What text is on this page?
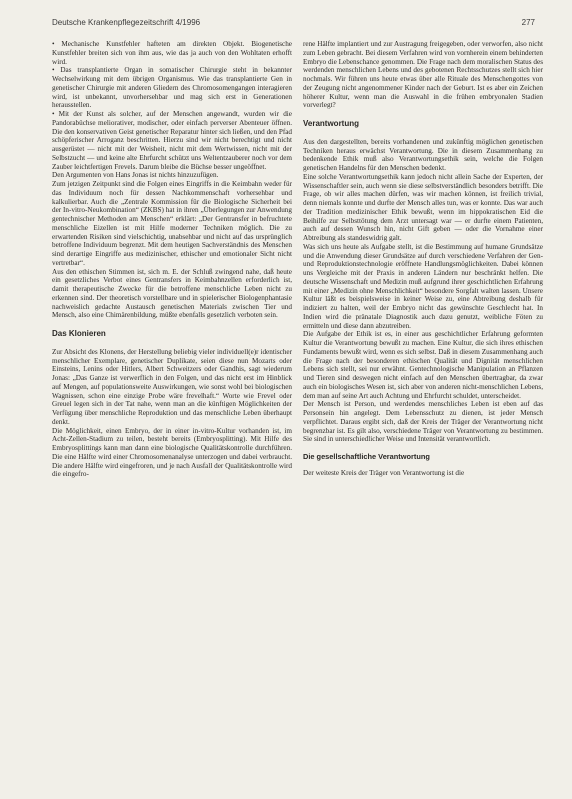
Deutsche Krankenpflegezeitschrift 4/1996	277

• Mechanische Kunstfehler hafteten am direkten Objekt. Biogenetische Kunstfehler breiten sich von ihm aus, wie das ja auch von den Wohltaten erhofft wird.

• Das transplantierte Organ in somatischer Chirurgie steht in bekannter Wechselwirkung mit dem übrigen Organismus. Wie das transplantierte Gen in genetischer Chirurgie mit anderen Gliedern des Chromosomengangen interagieren wird, ist unbekannt, unvorhersehbar und mag sich erst in Generationen herausstellen.

• Mit der Kunst als solcher, auf der Menschen angewandt, wurden wir die Pandorabüchse meliorativer, modischer, oder einfach perverser Abenteuer öffnen. Die den konservativen Geist genetischer Reparatur hinter sich ließen, und den Pfad schöpferischer Arroganz beschritten. Hierzu sind wir nicht berechtigt und nicht ausgerüstet — nicht mit der Weisheit, nicht mit dem Wertwissen, nicht mit der Selbstzucht — und keine alte Ehrfurcht schützt uns Weltentzauberer noch vor dem Zauber leichtfertigen Frevels. Darum bleibe die Büchse besser ungeöffnet.

Den Argumenten von Hans Jonas ist nichts hinzuzufügen.

Zum jetzigen Zeitpunkt sind die Folgen eines Eingriffs in die Keimbahn weder für das Individuum noch für dessen Nachkommenschaft vorhersehbar und kalkulierbar. Auch die „Zentrale Kommission für die Biologische Sicherheit bei der In-vitro-Neukombination“ (ZKBS) hat in ihren „Überlegungen zur Anwendung gentechnischer Methoden am Menschen“ erklärt: „Der Gentransfer in befruchtete menschliche Eizellen ist mit Hilfe moderner Techniken möglich. Die zu erwartenden Risiken sind vielschichtig, unabsehbar und nicht auf das ursprünglich betroffene Individuum begrenzt. Mit dem heutigen Sachverständnis des Menschen sind derartige Eingriffe aus medizinischer, ethischer und emotionaler Sicht nicht vertretbar“.

Aus den ethischen Stimmen ist, sich m. E. der Schluß zwingend nahe, daß heute ein gesetzliches Verbot eines Gentransfers in Keimbahnzellen erforderlich ist, damit therapeutische Zwecke für die betroffene menschliche Leben nicht zu erkennen sind. Der theoretisch vorstellbare und in spielerischer Biologenphantasie nachweislich gedachte Austausch genetischen Materials zwischen Tier und Mensch, also eine Chimärenbildung, müßte ebenfalls gesetzlich verboten sein.

Das Klonieren

Zur Absicht des Klonens, der Herstellung beliebig vieler individuell(e)r identischer menschlicher Exemplare, genetischer Duplikate, seien diese nun Mozarts oder Einsteins, Lenins oder Hitlers, Albert Schweitzers oder Gandhis, sagt wiederum Jonas: „Das Ganze ist verwerflich in den Folgen, und das nicht erst im Hinblick auf Mengen, auf populationsweite Auswirkungen, wie sonst wohl bei biologischen Wagnissen, schon eine einzige Probe wäre frevelhaft.“ Worte wie Frevel oder Greuel legen sich in der Tat nahe, wenn man an die künftigen Möglichkeiten der Verfügung über menschliche Reproduktion und das menschliche Leben überhaupt denkt.

Die Möglichkeit, einen Embryo, der in einer in-vitro-Kultur vorhanden ist, im Acht-Zellen-Stadium zu teilen, besteht bereits (Embryosplitting). Mit Hilfe des Embryosplittings kann man dann eine biologische Qualitätskontrolle durchführen. Die eine Hälfte wird einer Chromosomenanalyse unterzogen und dabei verbraucht. Die andere Hälfte wird eingefroren, und je nach Ausfall der Qualitätskontrolle wird die eingefro-

rene Hälfte implantiert und zur Austragung freigegeben, oder verworfen, also nicht zum Leben gebracht. Bei diesem Verfahren wird von vornherein einem behinderten Embryo die Lebenschance genommen. Die Frage nach dem moralischen Status des werdenden menschlichen Lebens und des gebotenen Rechtsschutzes stellt sich hier nochmals. Wir führen uns heute etwas über alle Rituale des Menschengottes von der Zeugung nicht angenommener Kinder nach der Geburt. Ist es aber ein Zeichen höherer Kultur, wenn man die Auswahl in die frühen embryonalen Stadien vorverlegt?

Verantwortung

Aus den dargestellten, bereits vorhandenen und zukünftig möglichen genetischen Techniken heraus erwächst Verantwortung. Die in diesem Zusammenhang zu bedenkende Ethik muß also Verantwortungsethik sein, welche die Folgen genetischen Handelns für den Menschen bedenkt.

Eine solche Verantwortungsethik kann jedoch nicht allein Sache der Experten, der Wissenschaftler sein, auch wenn sie diese selbstverständlich besonders betrifft. Die Frage, ob wir alles machen dürfen, was wir machen können, ist freilich trivial, denn niemals konnte und durfte der Mensch alles tun, was er konnte. Das war auch der Tradition medizinischer Ethik bewußt, wenn im hippokratischen Eid die Beihilfe zur Selbsttötung dem Arzt untersagt war — er durfte einem Patienten, auch auf dessen Wunsch hin, nicht Gift geben — oder die Vornahme einer Abtreibung als standeswidrig galt.

Was sich uns heute als Aufgabe stellt, ist die Bestimmung auf humane Grundsätze und die Anwendung dieser Grundsätze auf durch verschiedene Verfahren der Gen- und Reproduktionstechnologie eröffnete Handlungsmöglichkeiten. Dabei können uns Vergleiche mit der Praxis in anderen Ländern nur beschränkt helfen. Die deutsche Wissenschaft und Medizin muß aufgrund ihrer geschichtlichen Erfahrung mit einer „Medizin ohne Menschlichkeit“ besondere Sorgfalt walten lassen. Unsere Kultur läßt es beispielsweise in keiner Weise zu, eine Abtreibung deshalb für indiziert zu halten, weil der Embryo nicht das gewünschte Geschlecht hat. In Indien wird die pränatale Diagnostik auch dazu genutzt, weibliche Föten zu ermitteln und diese dann abzutreiben.

Die Aufgabe der Ethik ist es, in einer aus geschichtlicher Erfahrung geformten Kultur die Verantwortung bewußt zu machen. Eine Kultur, die sich ihres ethischen Fundaments bewußt wird, wenn es sich selbst. Daß in diesem Zusammenhang auch die Frage nach der besonderen ethischen Qualität und Dignität menschlichen Lebens sich stellt, sei nur erwähnt. Gentechnologische Manipulation an Pflanzen und Tieren sind deswegen nicht einfach auf den Menschen übertragbar, da zwar auch ein biologisches Wesen ist, sich aber von anderen nicht-menschlichen Lebens, dem man auf seine Art auch Achtung und Ehrfurcht schuldet, unterscheidet.

Der Mensch ist Person, und werdendes menschliches Leben ist eben auf das Personsein hin angelegt. Dem Lebensschutz zu dienen, ist jeder Mensch verpflichtet. Daraus ergibt sich, daß der Kreis der Träger der Verantwortung nicht begrenzbar ist. Es gilt also, verschiedene Träger von Verantwortung zu bestimmen. Sie sind in unterschiedlicher Weise und Intensität verantwortlich.

Die gesellschaftliche Verantwortung

Der weiteste Kreis der Träger von Verantwortung ist die
